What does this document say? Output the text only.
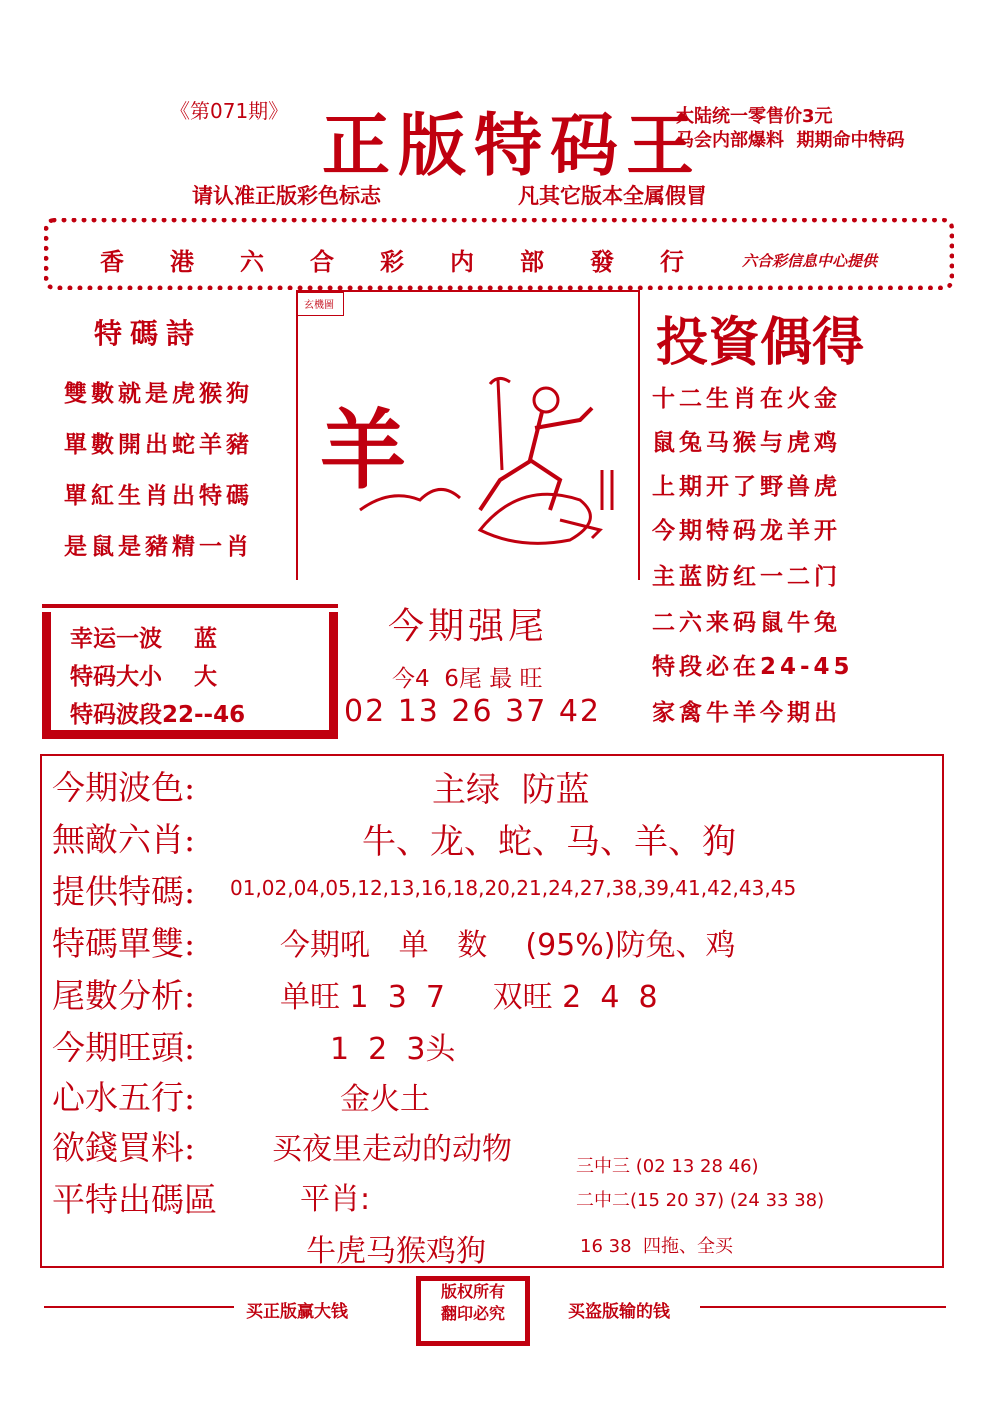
《第071期》 正版特码王
大陆统一零售价3元
马会内部爆料  期期命中特码
请认准正版彩色标志	凡其它版本全属假冒
香港六合彩内部發行 六合彩信息中心提供
特碼詩
雙數就是虎猴狗
單數開出蛇羊豬
單紅生肖出特碼
是鼠是豬精一肖
玄機圖
羊
投資偶得
十二生肖在火金
鼠兔马猴与虎鸡
上期开了野兽虎
今期特码龙羊开
主蓝防红一二门
二六来码鼠牛兔
特段必在24-45
家禽牛羊今期出
幸运一波 蓝
特码大小 大
特码波段22--46
今期强尾
今4  6尾 最 旺
02 13 26 37 42
今期波色:	主绿  防蓝
無敵六肖:	牛、龙、蛇、马、羊、狗
提供特碼: 01,02,04,05,12,13,16,18,20,21,24,27,38,39,41,42,43,45
特碼單雙:	今期吼   单   数    (95%)防兔、鸡
尾數分析:	单旺 1  3  7     双旺 2  4  8
今期旺頭:	1  2  3头
心水五行:	金火土
欲錢買料:	买夜里走动的动物
平特出碼區	平肖:
牛虎马猴鸡狗
三中三 (02 13 28 46)
二中二(15 20 37) (24 33 38)
16 38  四拖、全买
买正版赢大钱
版权所有
翻印必究	买盗版输的钱
